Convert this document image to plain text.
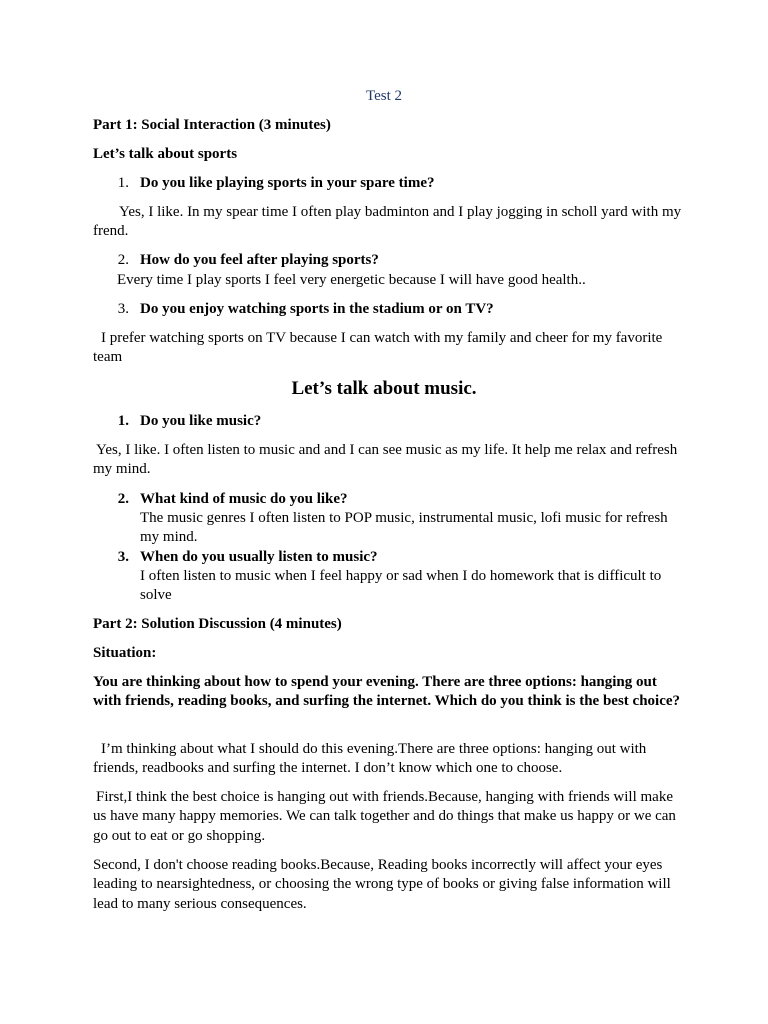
Test 2
Part 1: Social Interaction (3 minutes)
Let’s talk about sports
1. Do you like playing sports in your spare time?
Yes, I like. In my spear time I often play badminton and I play jogging in scholl yard with my frend.
2. How do you feel after playing sports?
Every time I play sports I feel very energetic because I will have good health..
3. Do you enjoy watching sports in the stadium or on TV?
I prefer watching sports on TV because I can watch with my family and cheer for my favorite team
Let’s talk about music.
1. Do you like music?
Yes, I like. I often listen to music and and I can see music as my life. It help me relax and refresh my mind.
2. What kind of music do you like?
The music genres I often listen to POP music, instrumental music, lofi music for refresh my mind.
3. When do you usually listen to music?
I often listen to music when I feel happy or sad when I do homework that is difficult to solve
Part 2: Solution Discussion (4 minutes)
Situation:
You are thinking about how to spend your evening. There are three options: hanging out with friends, reading books, and surfing the internet. Which do you think is the best choice?
I’m thinking about what I should do this evening.There are three options: hanging out with friends, readbooks and surfing the internet. I don’t know which one to choose.
First,I think the best choice is hanging out with friends.Because, hanging with friends will make us have many happy memories. We can talk together and do things that make us happy or we can go out to eat or go shopping.
Second, I don't choose reading books.Because, Reading books incorrectly will affect your eyes leading to nearsightedness, or choosing the wrong type of books or giving false information will lead to many serious consequences.
